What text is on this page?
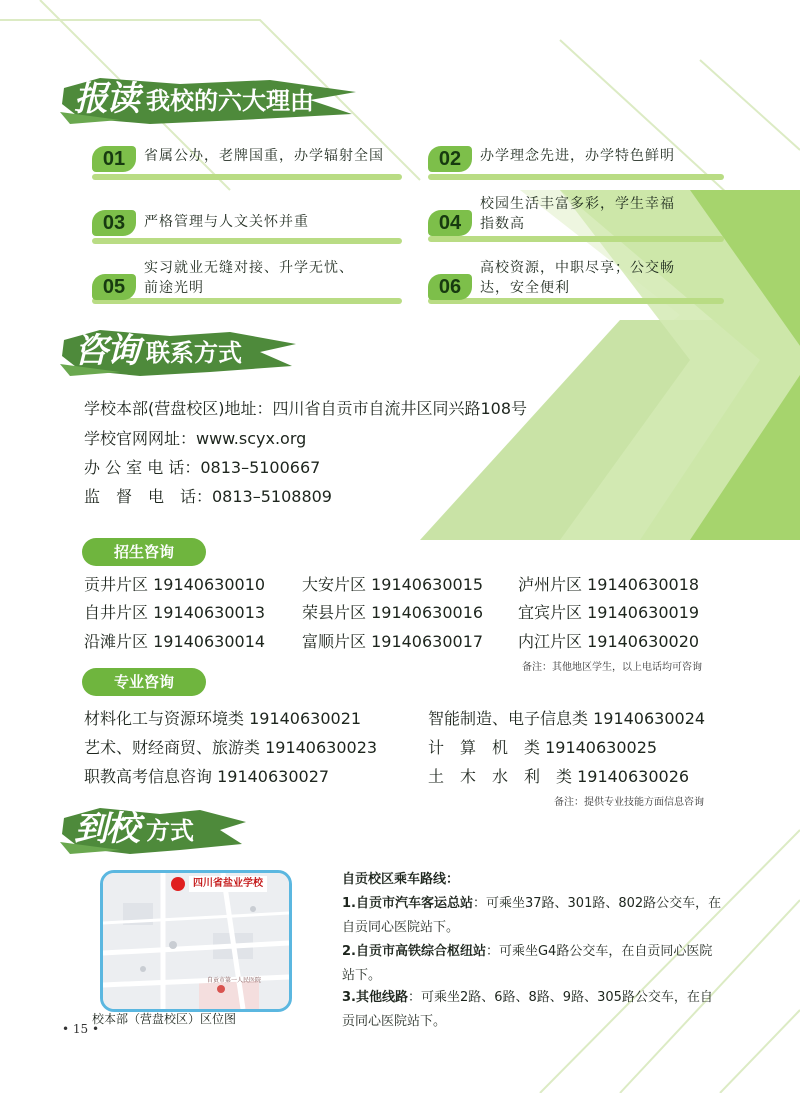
报读 我校的六大理由
01	省属公办，老牌国重，办学辐射全国	02	办学理念先进，办学特色鲜明
03	严格管理与人文关怀并重	04
校园生活丰富多彩，学生幸福
指数高
05
实习就业无缝对接、升学无忧、
前途光明	06
高校资源，中职尽享；公交畅
达，安全便利
咨询 联系方式
学校本部(营盘校区)地址：四川省自贡市自流井区同兴路108号
学校官网网址：www.scyx.org
办 公 室 电 话：0813–5100667
监　督　电　话：0813–5108809
招生咨询
贡井片区 19140630010 大安片区 19140630015 泸州片区 19140630018
自井片区 19140630013 荣县片区 19140630016 宜宾片区 19140630019
沿滩片区 19140630014 富顺片区 19140630017 内江片区 19140630020
备注：其他地区学生，以上电话均可咨询
专业咨询
材料化工与资源环境类 19140630021	智能制造、电子信息类 19140630024
艺术、财经商贸、旅游类 19140630023	计　算　机　类 19140630025
职教高考信息咨询 19140630027	土　木　水　利　类 19140630026
备注：提供专业技能方面信息咨询
到校 方式
四川省盐业学校
自贡市第一人民医院
校本部（营盘校区）区位图
自贡校区乘车路线：
1.自贡市汽车客运总站：可乘坐37路、301路、802路公交车，在自贡同心医院站下。
2.自贡市高铁综合枢纽站：可乘坐G4路公交车，在自贡同心医院站下。
3.其他线路：可乘坐2路、6路、8路、9路、305路公交车，在自贡同心医院站下。
• 15 •
